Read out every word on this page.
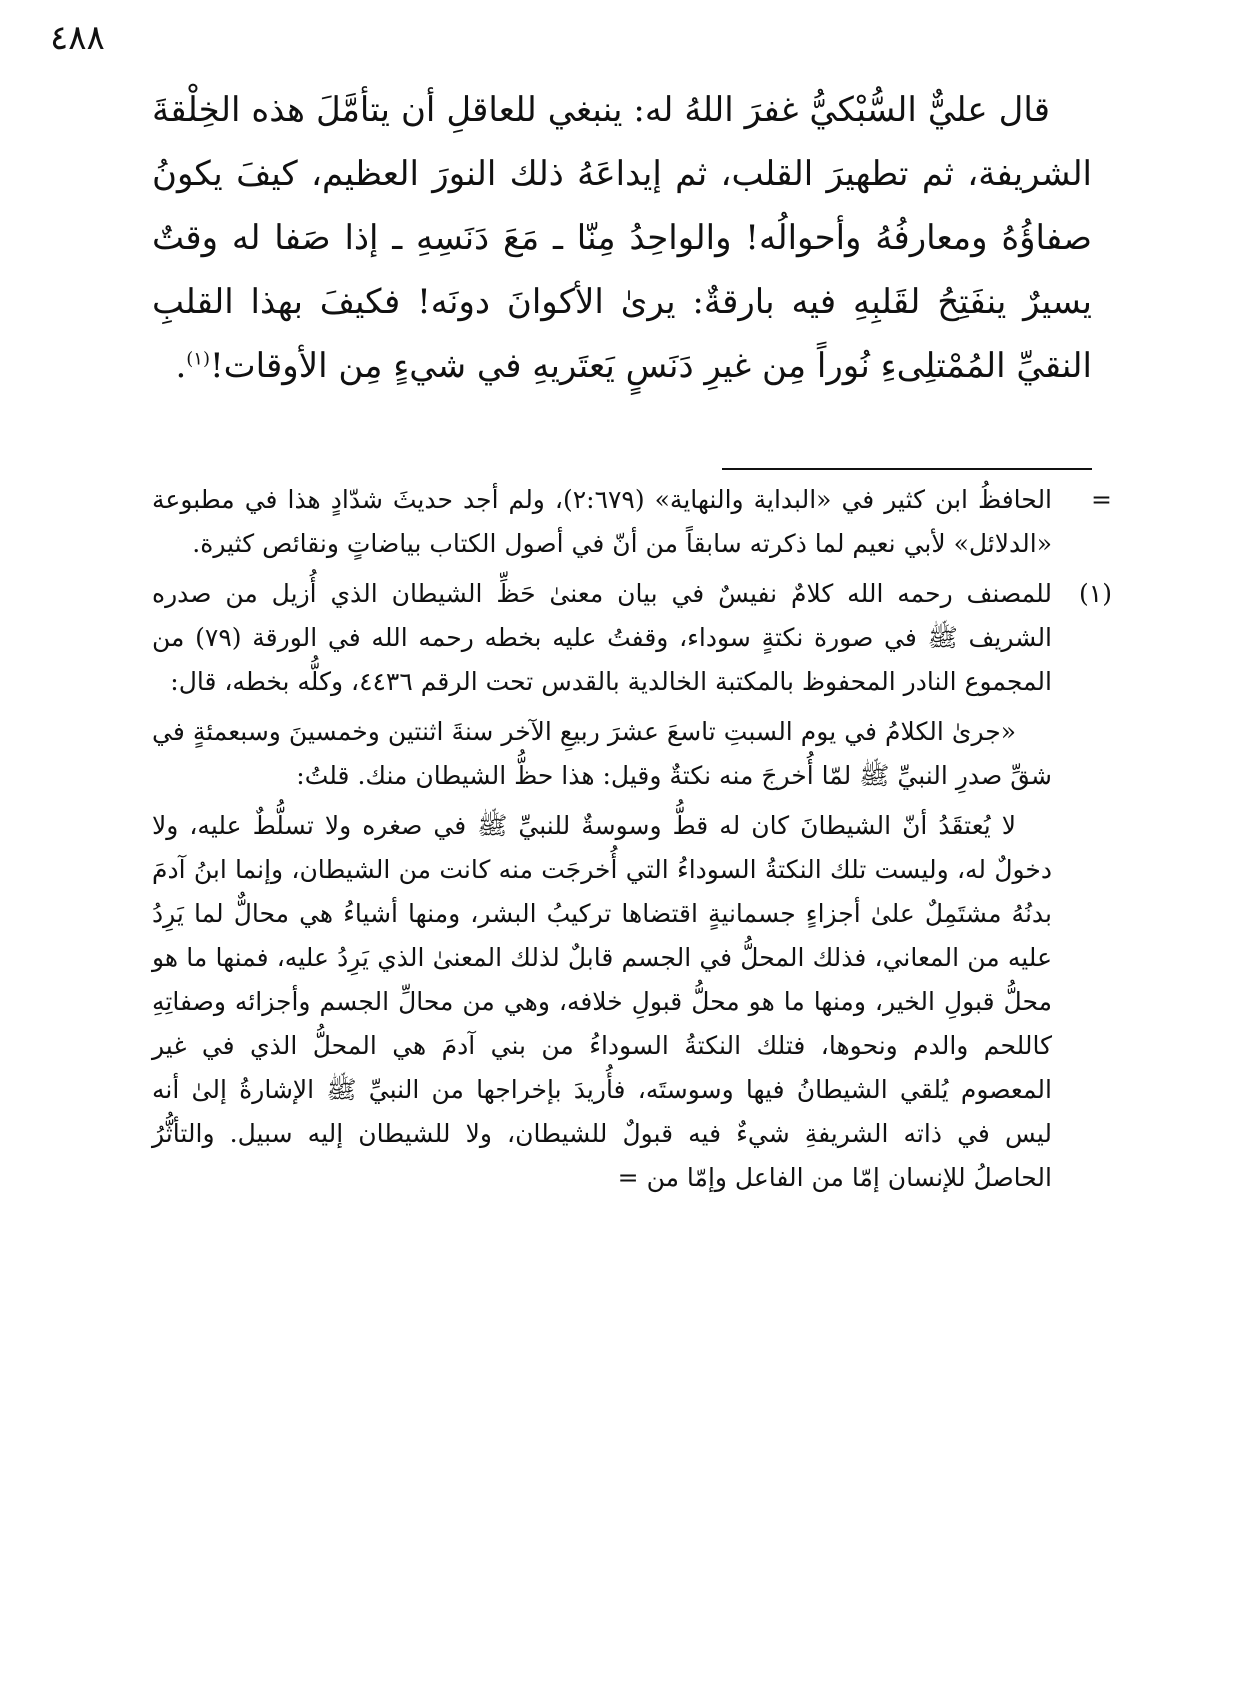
٤٨٨

قال عليٌّ السُّبْكيُّ غفرَ اللهُ له: ينبغي للعاقلِ أن يتأمَّلَ هذه الخِلْقةَ الشريفة، ثم تطهيرَ القلب، ثم إيداعَهُ ذلك النورَ العظيم، كيفَ يكونُ صفاؤُهُ ومعارفُهُ وأحوالُه! والواحِدُ مِنّا ـ مَعَ دَنَسِهِ ـ إذا صَفا له وقتٌ يسيرٌ ينفَتِحُ لقَلبِهِ فيه بارقةٌ: يرىٰ الأكوانَ دونَه! فكيفَ بهذا القلبِ النقيِّ المُمْتلِىءِ نُوراً مِن غيرِ دَنَسٍ يَعتَريهِ في شيءٍ مِن الأوقات!$^{(١)}$.

=

الحافظُ ابن كثير في «البداية والنهاية» (٢:٦٧٩)، ولم أجد حديثَ شدّادٍ هذا في مطبوعة «الدلائل» لأبي نعيم لما ذكرته سابقاً من أنّ في أصول الكتاب بياضاتٍ ونقائص كثيرة.

(١)

للمصنف رحمه الله كلامٌ نفيسٌ في بيان معنىٰ حَظِّ الشيطان الذي أُزيل من صدره الشريف ﷺ في صورة نكتةٍ سوداء، وقفتُ عليه بخطه رحمه الله في الورقة (٧٩) من المجموع النادر المحفوظ بالمكتبة الخالدية بالقدس تحت الرقم ٤٤٣٦، وكلُّه بخطه، قال:

«جرىٰ الكلامُ في يوم السبتِ تاسعَ عشرَ ربيعِ الآخر سنةَ اثنتين وخمسينَ وسبعمئةٍ في شقِّ صدرِ النبيِّ ﷺ لمّا أُخرجَ منه نكتةٌ وقيل: هذا حظُّ الشيطان منك. قلتُ:

لا يُعتقَدُ أنّ الشيطانَ كان له قطُّ وسوسةٌ للنبيِّ ﷺ في صغره ولا تسلُّطٌ عليه، ولا دخولٌ له، وليست تلك النكتةُ السوداءُ التي أُخرجَت منه كانت من الشيطان، وإنما ابنُ آدمَ بدنُهُ مشتَمِلٌ علىٰ أجزاءٍ جسمانيةٍ اقتضاها تركيبُ البشر، ومنها أشياءُ هي محالٌّ لما يَرِدُ عليه من المعاني، فذلك المحلُّ في الجسم قابلٌ لذلك المعنىٰ الذي يَرِدُ عليه، فمنها ما هو محلُّ قبولِ الخير، ومنها ما هو محلُّ قبولِ خلافه، وهي من محالِّ الجسم وأجزائه وصفاتِهِ كاللحم والدم ونحوها، فتلك النكتةُ السوداءُ من بني آدمَ هي المحلُّ الذي في غير المعصوم يُلقي الشيطانُ فيها وسوستَه، فأُريدَ بإخراجها من النبيِّ ﷺ الإشارةُ إلىٰ أنه ليس في ذاته الشريفةِ شيءٌ فيه قبولٌ للشيطان، ولا للشيطان إليه سبيل. والتأثُّرُ الحاصلُ للإنسان إمّا من الفاعل وإمّا من =
